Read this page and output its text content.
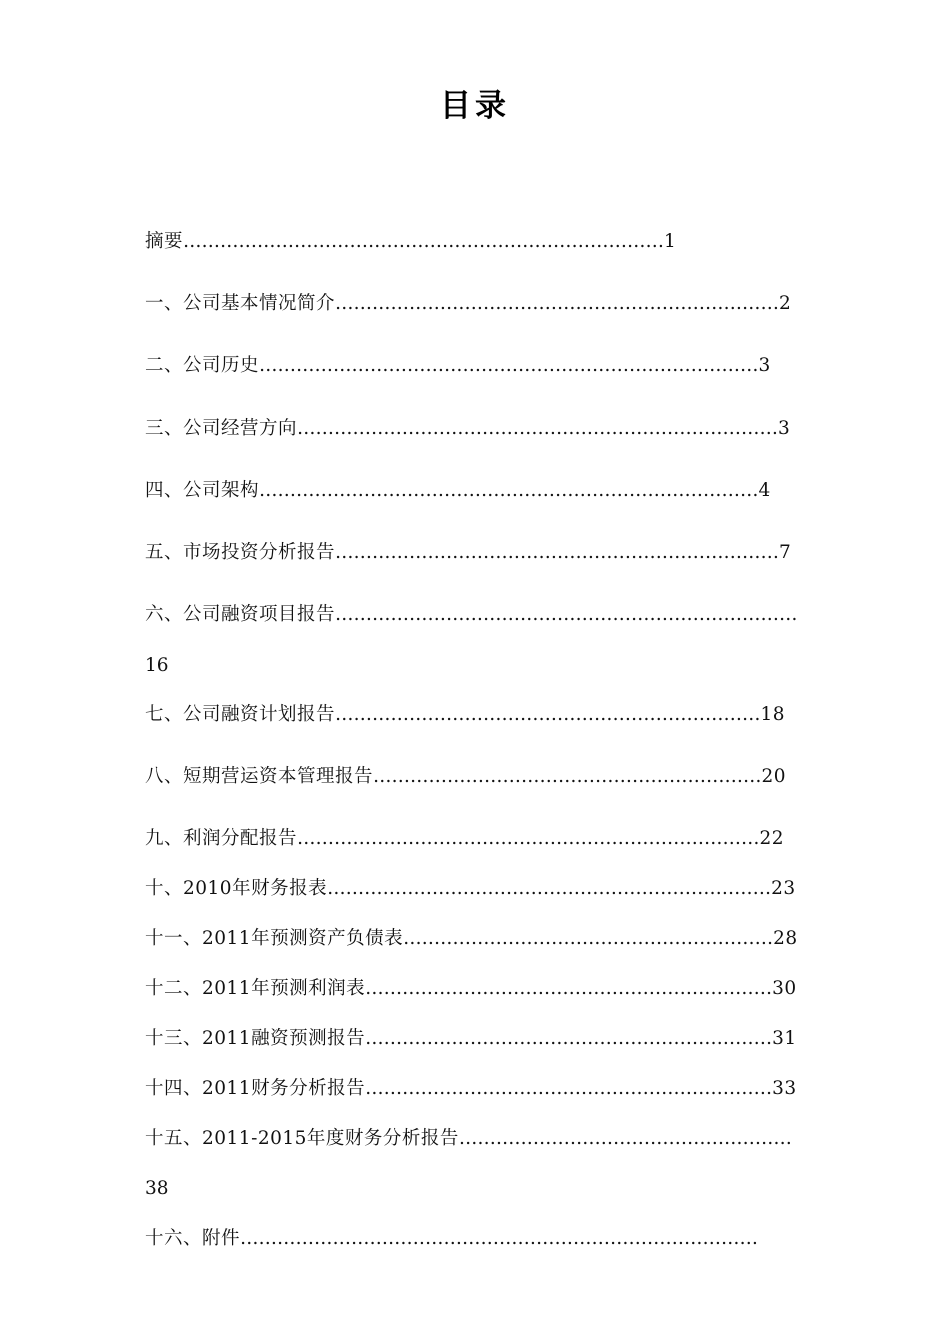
目录
摘要……………………………………………………………………1
一、公司基本情况简介………………………………………………………………2
二、公司历史………………………………………………………………………3
三、公司经营方向……………………………………………………………………3
四、公司架构………………………………………………………………………4
五、市场投资分析报告………………………………………………………………7
六、公司融资项目报告…………………………………………………………………
16
七、公司融资计划报告……………………………………………………………18
八、短期营运资本管理报告………………………………………………………20
九、利润分配报告…………………………………………………………………22
十、2010年财务报表………………………………………………………………23
十一、2011年预测资产负债表……………………………………………………28
十二、2011年预测利润表…………………………………………………………30
十三、2011融资预测报告…………………………………………………………31
十四、2011财务分析报告…………………………………………………………33
十五、2011-2015年度财务分析报告………………………………………………
38
十六、附件…………………………………………………………………………
